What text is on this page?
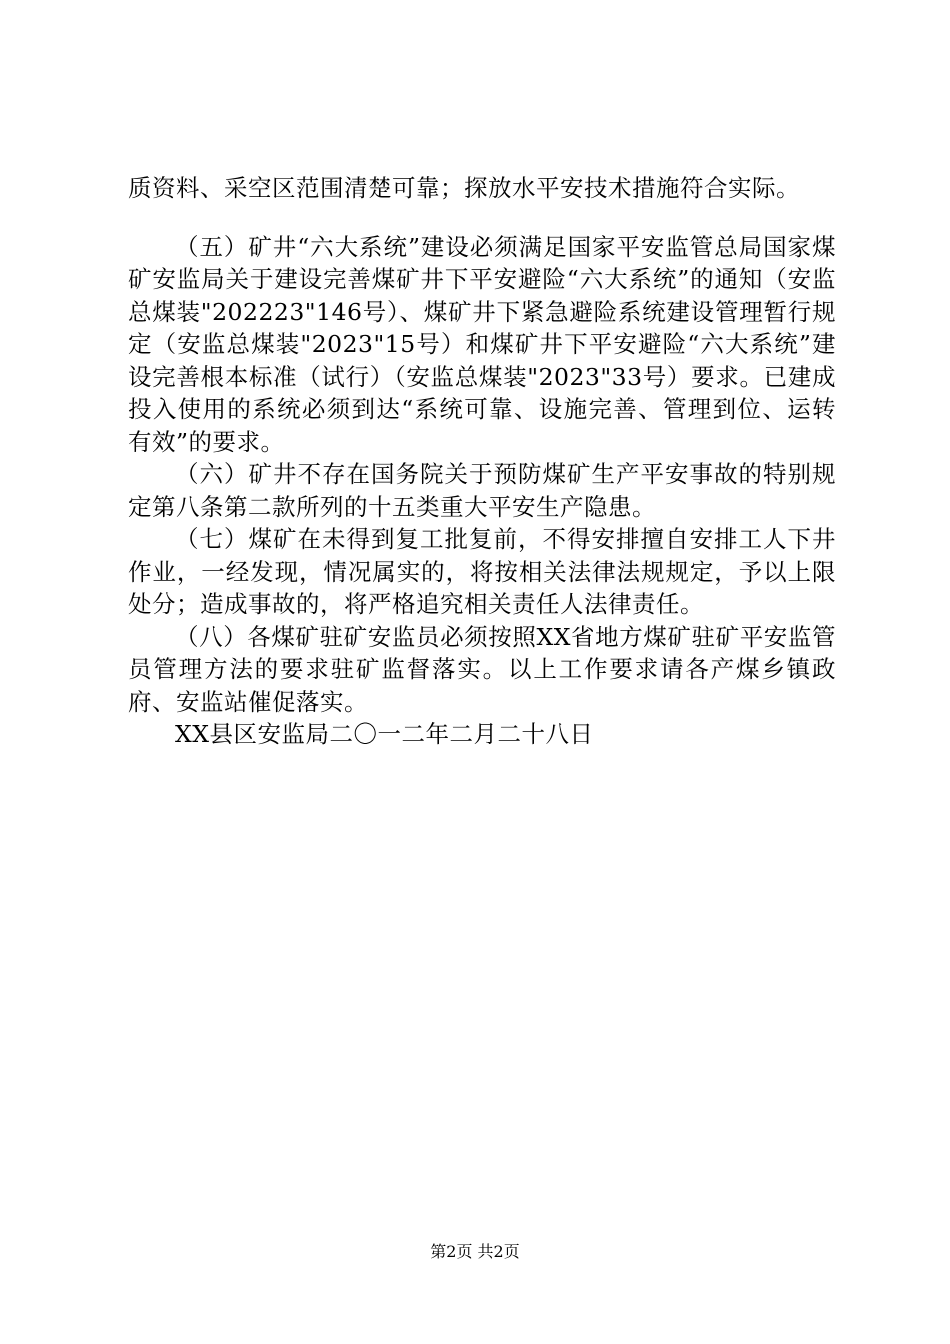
质资料、采空区范围清楚可靠；探放水平安技术措施符合实际。

（五）矿井“六大系统”建设必须满足国家平安监管总局国家煤矿安监局关于建设完善煤矿井下平安避险“六大系统”的通知（安监总煤装"202223"146号）、煤矿井下紧急避险系统建设管理暂行规定（安监总煤装"2023"15号）和煤矿井下平安避险“六大系统”建设完善根本标准（试行）（安监总煤装"2023"33号）要求。已建成投入使用的系统必须到达“系统可靠、设施完善、管理到位、运转有效”的要求。

（六）矿井不存在国务院关于预防煤矿生产平安事故的特别规定第八条第二款所列的十五类重大平安生产隐患。

（七）煤矿在未得到复工批复前，不得安排擅自安排工人下井作业，一经发现，情况属实的，将按相关法律法规规定，予以上限处分；造成事故的，将严格追究相关责任人法律责任。

（八）各煤矿驻矿安监员必须按照XX省地方煤矿驻矿平安监管员管理方法的要求驻矿监督落实。以上工作要求请各产煤乡镇政府、安监站催促落实。

XX县区安监局二〇一二年二月二十八日

第2页 共2页
